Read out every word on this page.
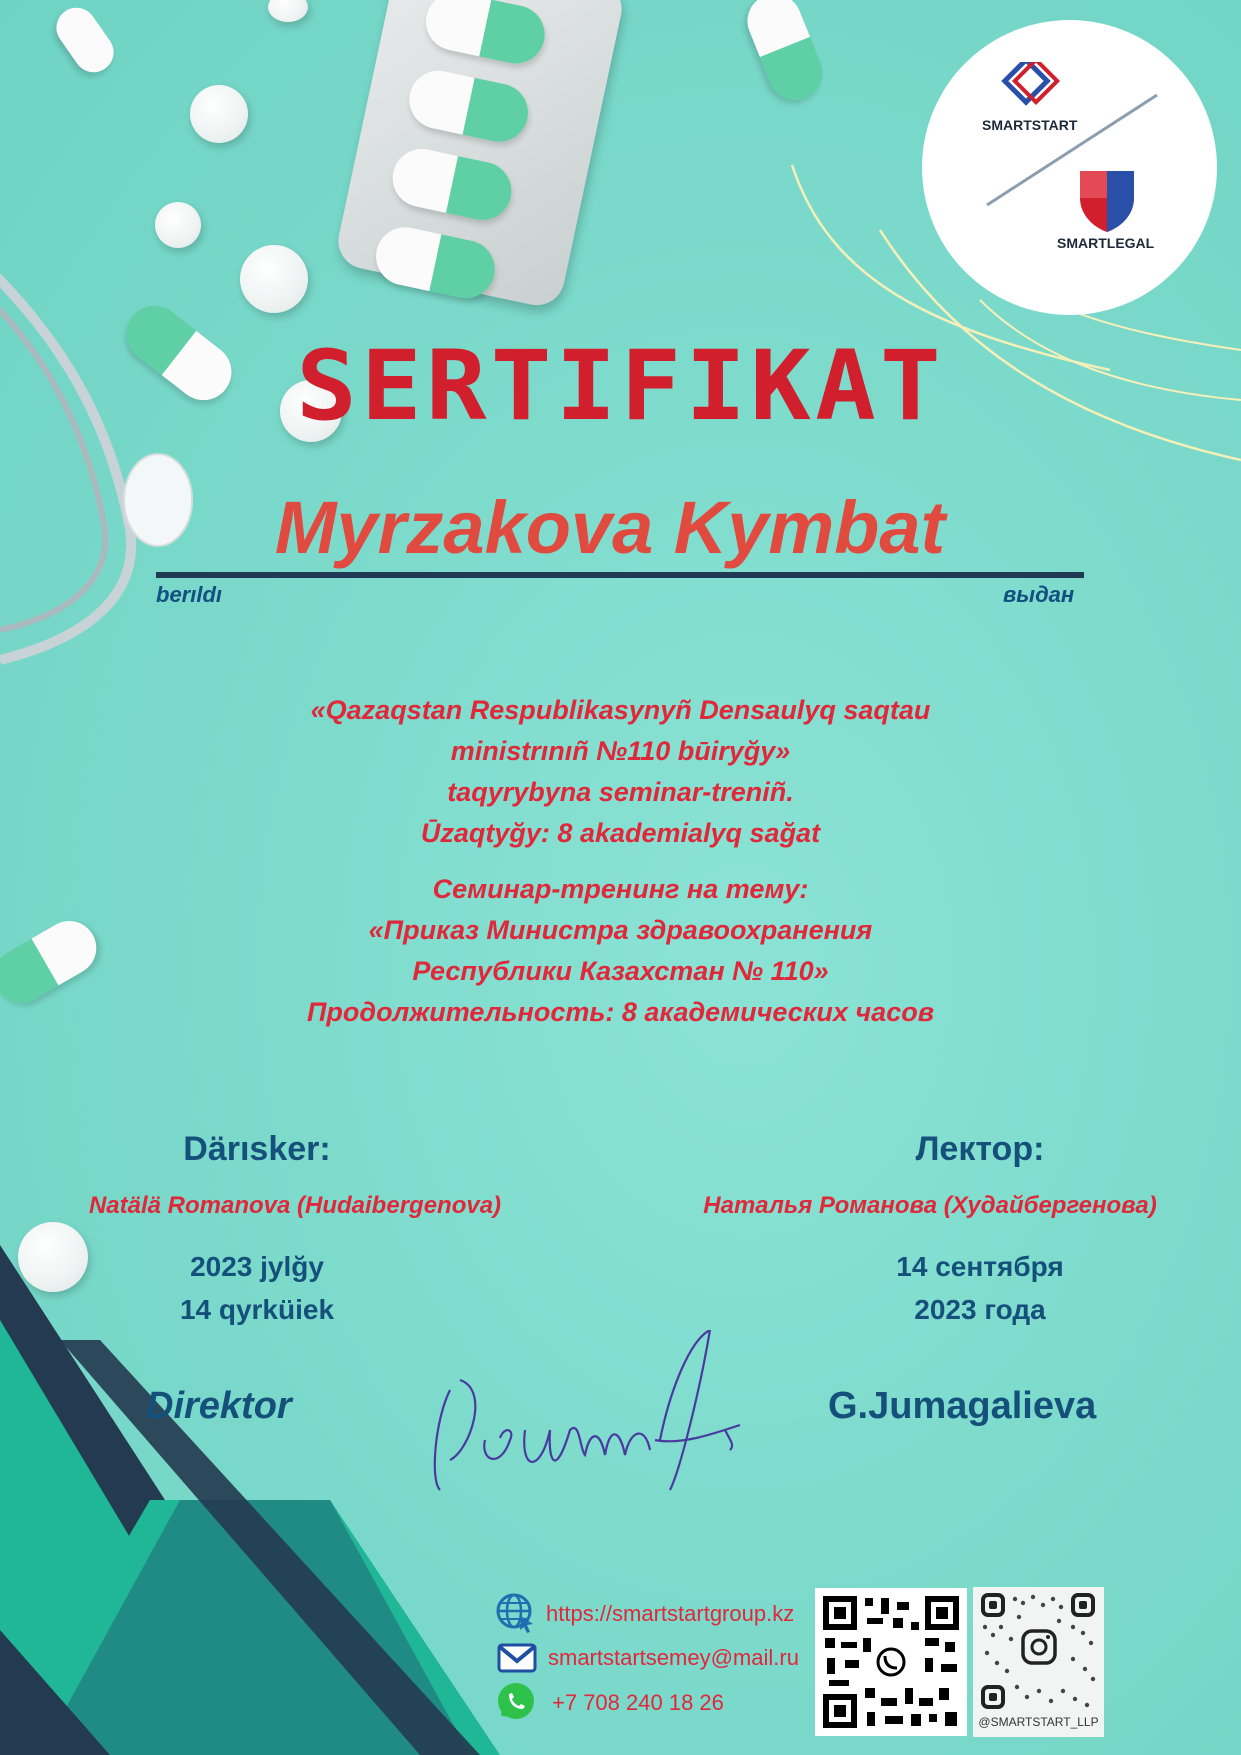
SMARTSTART
SMARTLEGAL
SERTIFIKAT
Myrzakova Kymbat
berıldı	выдан
«Qazaqstan Respublikasynyñ Densaulyq saqtau
ministrınıñ №110 būiryğy»
taqyrybyna seminar-treniñ.
Ūzaqtyğy: 8 akademialyq sağat
Семинар-тренинг на тему:
«Приказ Министра здравоохранения
Республики Казахстан № 110»
Продолжительность: 8 академических часов
Därısker:
Natälä Romanova (Hudaibergenova)
2023 jylğy
14 qyrküiek
Лектор:
Наталья Романова (Худайбергенова)
14 сентября
2023 года
Direktor	G.Jumagalieva
https://smartstartgroup.kz
smartstartsemey@mail.ru
+7 708 240 18 26
@SMARTSTART_LLP
